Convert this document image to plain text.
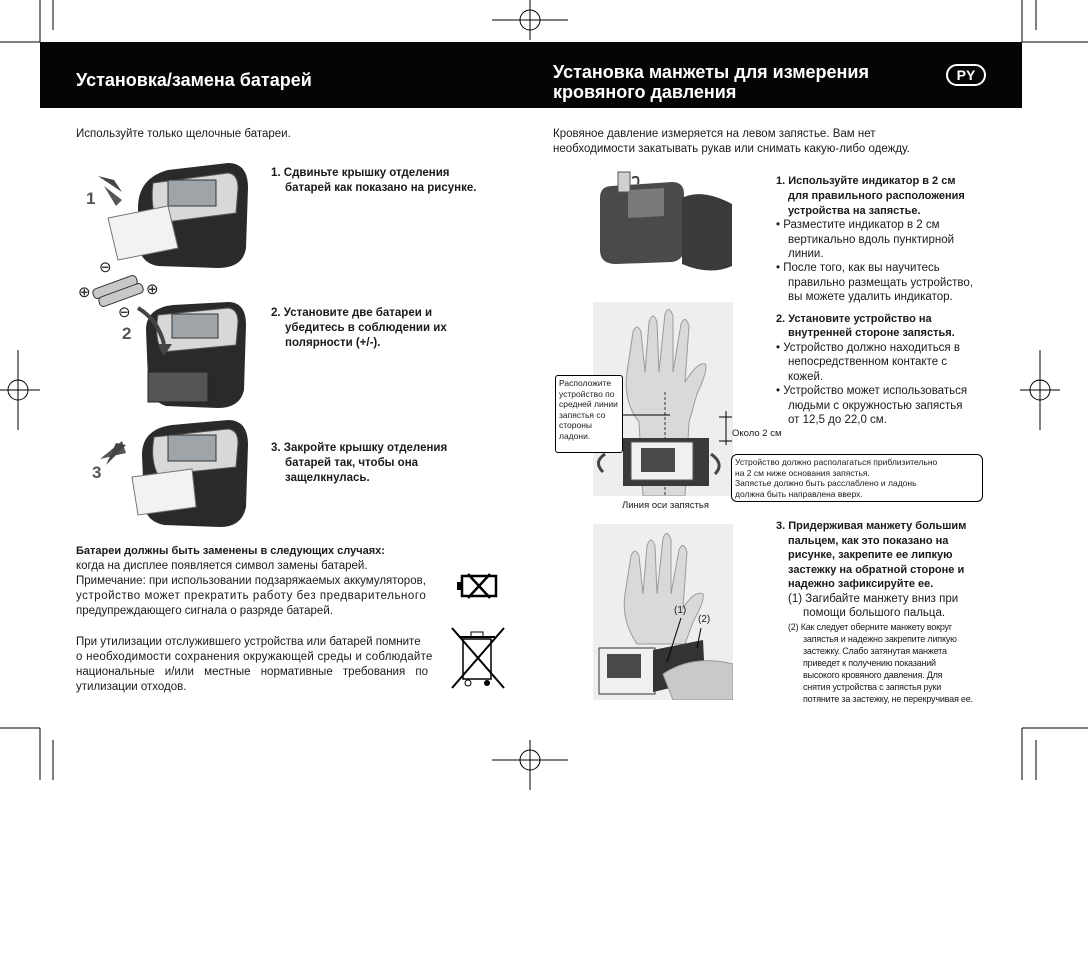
Установка/замена батарей	Установка манжеты для измерения
кровяного давления
PY
Используйте только щелочные батареи.
1
⊖
⊕	⊕
⊖
2
3
1. Сдвиньте крышку отделения
батарей как показано на рисунке.
2. Установите две батареи и
убедитесь в соблюдении их
полярности (+/-).
3. Закройте крышку отделения
батарей так, чтобы она
защелкнулась.
Батареи должны быть заменены в следующих случаях:
когда на дисплее появляется символ замены батарей.
Примечание: при использовании подзаряжаемых аккумуляторов,
устройство может прекратить работу без предварительного
предупреждающего сигнала о разряде батарей.
При утилизации отслужившего устройства или батарей помните
о необходимости сохранения окружающей среды и соблюдайте
национальные и/или местные нормативные требования по
утилизации отходов.
Кровяное давление измеряется на левом запястье. Вам нет
необходимости закатывать рукав или снимать какую-либо одежду.
Расположите
устройство по
средней линии
запястья со
стороны
ладони.	Около 2 см
Устройство должно располагаться приблизительно
на 2 см ниже основания запястья.
Запястье должно быть расслаблено и ладонь
должна быть направлена вверх.
Линия оси запястья
1. Используйте индикатор в 2 см
для правильного расположения
устройства на запястье.
• Разместите индикатор в 2 см
вертикально вдоль пунктирной
линии.
• После того, как вы научитесь
правильно размещать устройство,
вы можете удалить индикатор.
2. Установите устройство на
внутренней стороне запястья.
• Устройство должно находиться в
непосредственном контакте с
кожей.
• Устройство может использоваться
людьми с окружностью запястья
от 12,5 до 22,0 см.
(1)
(2)
3. Придерживая манжету большим
пальцем, как это показано на
рисунке, закрепите ее липкую
застежку на обратной стороне и
надежно зафиксируйте ее.
(1) Загибайте манжету вниз при
помощи большого пальца.
(2) Как следует оберните манжету вокруг
запястья и надежно закрепите липкую
застежку. Слабо затянутая манжета
приведет к получению показаний
высокого кровяного давления. Для
снятия устройства с запястья руки
потяните за застежку, не перекручивая ее.
